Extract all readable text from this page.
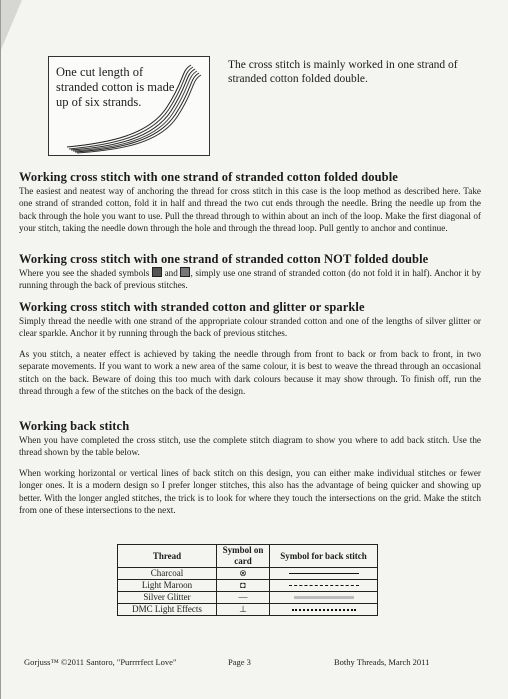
One cut length of stranded cotton is made up of six strands.
The cross stitch is mainly worked in one strand of stranded cotton folded double.
Working cross stitch with one strand of stranded cotton folded double

The easiest and neatest way of anchoring the thread for cross stitch in this case is the loop method as described here. Take one strand of stranded cotton, fold it in half and thread the two cut ends through the needle. Bring the needle up from the back through the hole you want to use. Pull the thread through to within about an inch of the loop. Make the first diagonal of your stitch, taking the needle down through the hole and through the thread loop. Pull gently to anchor and continue.

Working cross stitch with one strand of stranded cotton NOT folded double

Where you see the shaded symbols and , simply use one strand of stranded cotton (do not fold it in half). Anchor it by running through the back of previous stitches.

Working cross stitch with stranded cotton and glitter or sparkle

Simply thread the needle with one strand of the appropriate colour stranded cotton and one of the lengths of silver glitter or clear sparkle. Anchor it by running through the back of previous stitches.

As you stitch, a neater effect is achieved by taking the needle through from front to back or from back to front, in two separate movements. If you want to work a new area of the same colour, it is best to weave the thread through an occasional stitch on the back. Beware of doing this too much with dark colours because it may show through. To finish off, run the thread through a few of the stitches on the back of the design.

Working back stitch

When you have completed the cross stitch, use the complete stitch diagram to show you where to add back stitch. Use the thread shown by the table below.

When working horizontal or vertical lines of back stitch on this design, you can either make individual stitches or fewer longer ones. It is a modern design so I prefer longer stitches, this also has the advantage of being quicker and showing up better. With the longer angled stitches, the trick is to look for where they touch the intersections on the grid. Make the stitch from one of these intersections to the next.

Thread	Symbol on card	Symbol for back stitch
Charcoal	⊗	
Light Maroon	◘	
Silver Glitter	—	
DMC Light Effects	⊥	
Gorjuss™ ©2011 Santoro, "Purrrrfect Love"	Page 3	Bothy Threads, March 2011
